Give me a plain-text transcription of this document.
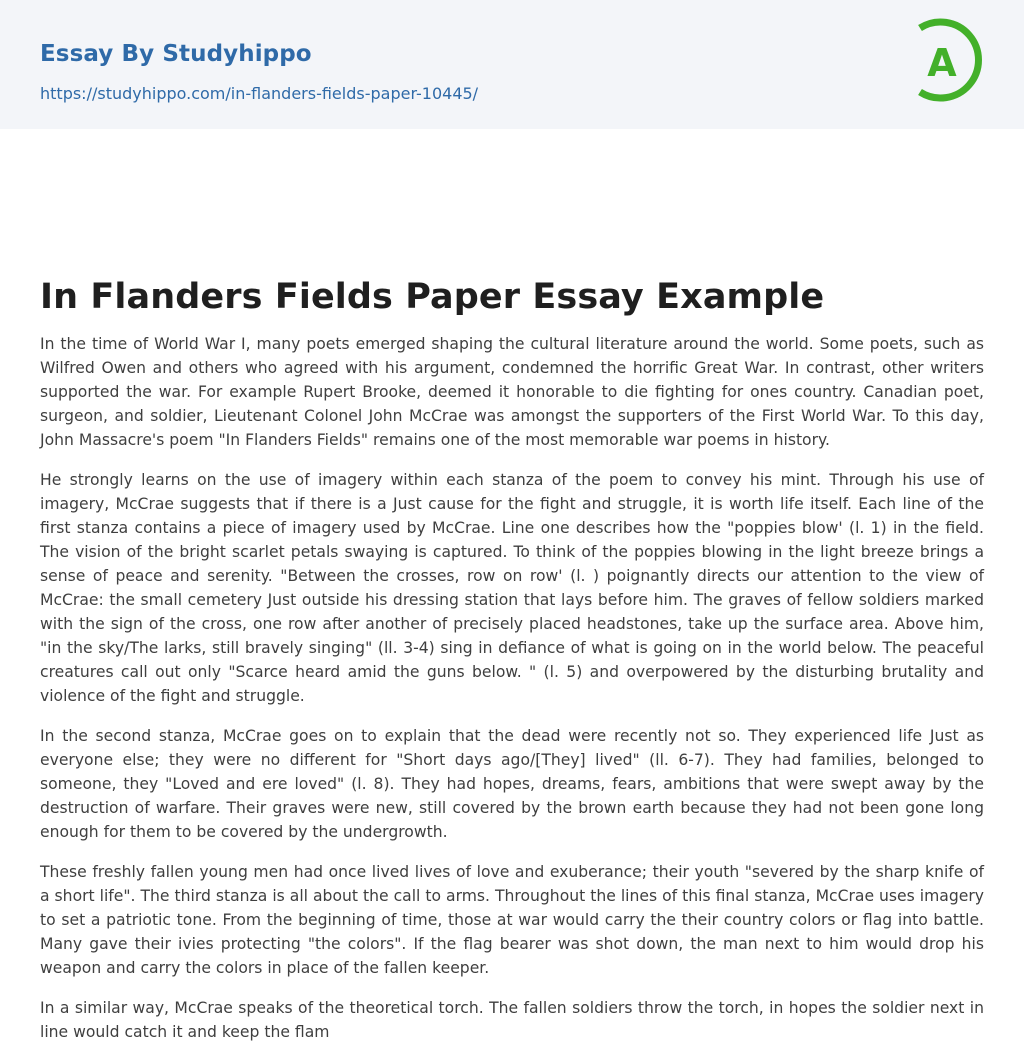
Essay By Studyhippo
https://studyhippo.com/in-flanders-fields-paper-10445/
A
In Flanders Fields Paper Essay Example

In the time of World War I, many poets emerged shaping the cultural literature around the world. Some poets, such as Wilfred Owen and others who agreed with his argument, condemned the horrific Great War. In contrast, other writers supported the war. For example Rupert Brooke, deemed it honorable to die fighting for ones country. Canadian poet, surgeon, and soldier, Lieutenant Colonel John McCrae was amongst the supporters of the First World War. To this day, John Massacre's poem "In Flanders Fields" remains one of the most memorable war poems in history.

He strongly learns on the use of imagery within each stanza of the poem to convey his mint. Through his use of imagery, McCrae suggests that if there is a Just cause for the fight and struggle, it is worth life itself. Each line of the first stanza contains a piece of imagery used by McCrae. Line one describes how the "poppies blow' (l. 1) in the field. The vision of the bright scarlet petals swaying is captured. To think of the poppies blowing in the light breeze brings a sense of peace and serenity. "Between the crosses, row on row' (l. ) poignantly directs our attention to the view of McCrae: the small cemetery Just outside his dressing station that lays before him. The graves of fellow soldiers marked with the sign of the cross, one row after another of precisely placed headstones, take up the surface area. Above him, "in the sky/The larks, still bravely singing" (ll. 3-4) sing in defiance of what is going on in the world below. The peaceful creatures call out only "Scarce heard amid the guns below. " (l. 5) and overpowered by the disturbing brutality and violence of the fight and struggle.

In the second stanza, McCrae goes on to explain that the dead were recently not so. They experienced life Just as everyone else; they were no different for "Short days ago/[They] lived" (ll. 6-7). They had families, belonged to someone, they "Loved and ere loved" (l. 8). They had hopes, dreams, fears, ambitions that were swept away by the destruction of warfare. Their graves were new, still covered by the brown earth because they had not been gone long enough for them to be covered by the undergrowth.

These freshly fallen young men had once lived lives of love and exuberance; their youth "severed by the sharp knife of a short life". The third stanza is all about the call to arms. Throughout the lines of this final stanza, McCrae uses imagery to set a patriotic tone. From the beginning of time, those at war would carry the their country colors or flag into battle. Many gave their ivies protecting "the colors". If the flag bearer was shot down, the man next to him would drop his weapon and carry the colors in place of the fallen keeper.

In a similar way, McCrae speaks of the theoretical torch. The fallen soldiers throw the torch, in hopes the soldier next in line would catch it and keep the flam
